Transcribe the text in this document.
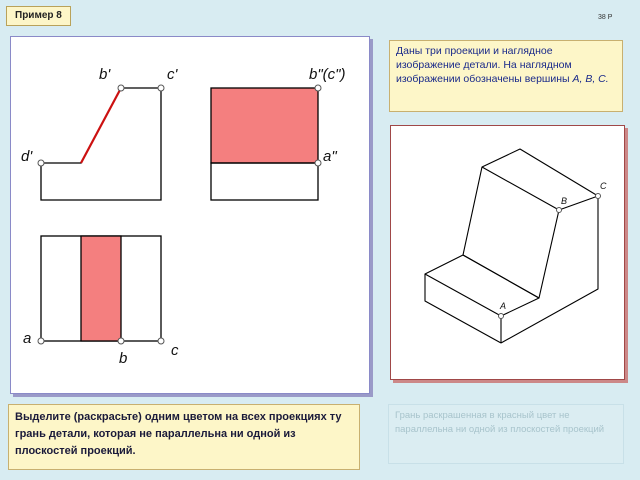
Пример 8	38 P
b'	c'
d'
b"(c")
a"
a
b	c
Даны три проекции и наглядное изображение детали. На наглядном изображении обозначены вершины A, B, C.
A
B
C
Выделите (раскрасьте) одним цветом на всех проекциях ту грань детали, которая не параллельна ни одной из плоскостей проекций.
Грань раскрашенная в красный цвет не параллельна ни одной из плоскостей проекций
